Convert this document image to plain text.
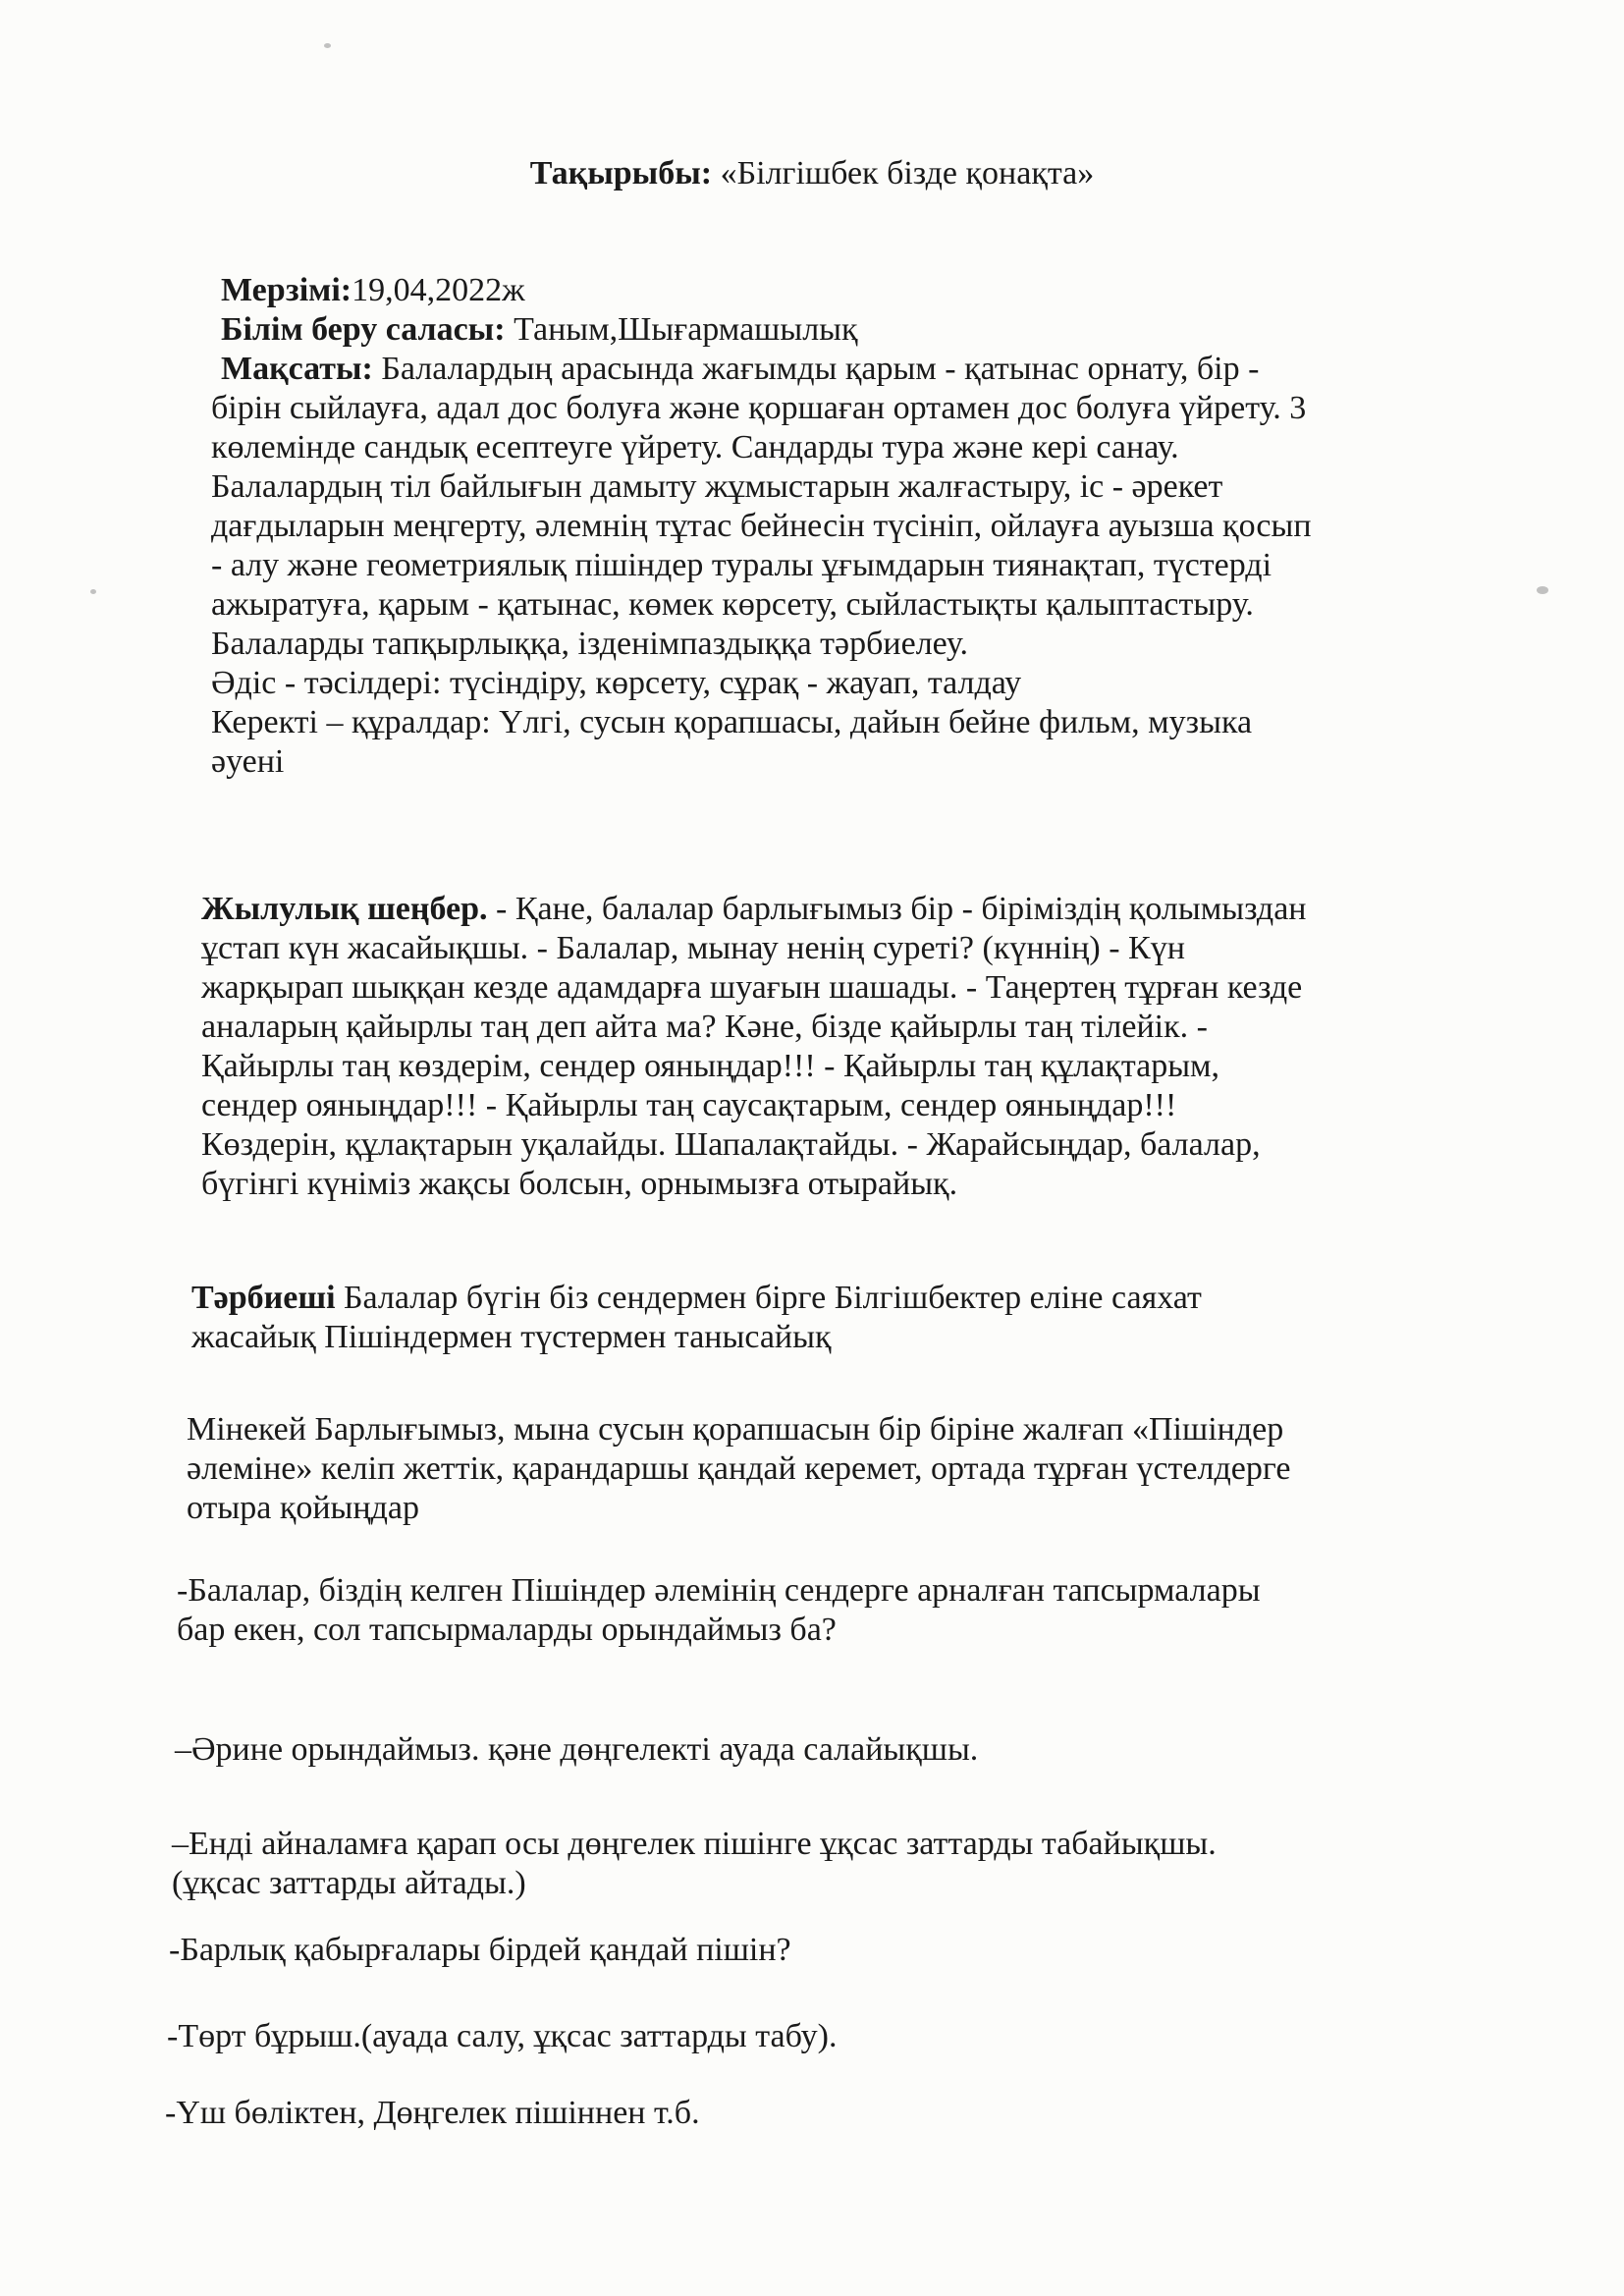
Тақырыбы: «Білгішбек бізде қонақта»
Мерзімі:19,04,2022ж
Білім беру саласы: Таным,Шығармашылық
Мақсаты: Балалардың арасында жағымды қарым - қатынас орнату, бір -
бірін сыйлауға, адал дос болуға және қоршаған ортамен дос болуға үйрету. 3
көлемінде сандық есептеуге үйрету. Сандарды тура және кері санау.
Балалардың тіл байлығын дамыту жұмыстарын жалғастыру, іс - әрекет
дағдыларын меңгерту, әлемнің тұтас бейнесін түсініп, ойлауға ауызша қосып
- алу және геометриялық пішіндер туралы ұғымдарын тиянақтап, түстерді
ажыратуға, қарым - қатынас, көмек көрсету, сыйластықты қалыптастыру.
Балаларды тапқырлыққа, ізденімпаздыққа тәрбиелеу.
Әдіс - тәсілдері: түсіндіру, көрсету, сұрақ - жауап, талдау
Керекті – құралдар: Үлгі, сусын қорапшасы, дайын бейне фильм, музыка
әуені
Жылулық шеңбер. - Қане, балалар барлығымыз бір - біріміздің қолымыздан
ұстап күн жасайықшы. - Балалар, мынау ненің суреті? (күннің) - Күн
жарқырап шыққан кезде адамдарға шуағын шашады. - Таңертең тұрған кезде
аналарың қайырлы таң деп айта ма? Кәне, бізде қайырлы таң тілейік. -
Қайырлы таң көздерім, сендер ояныңдар!!! - Қайырлы таң құлақтарым,
сендер ояныңдар!!! - Қайырлы таң саусақтарым, сендер ояныңдар!!!
Көздерін, құлақтарын уқалайды. Шапалақтайды. - Жарайсыңдар, балалар,
бүгінгі күніміз жақсы болсын, орнымызға отырайық.
Тәрбиеші Балалар бүгін біз сендермен бірге Білгішбектер еліне саяхат
жасайық Пішіндермен түстермен танысайық
Мінекей Барлығымыз, мына сусын қорапшасын бір біріне жалғап «Пішіндер
әлеміне» келіп жеттік, қарандаршы қандай керемет, ортада тұрған үстелдерге
отыра қойыңдар
-Балалар, біздің келген Пішіндер әлемінің сендерге арналған тапсырмалары
бар екен, сол тапсырмаларды орындаймыз ба?
–Әрине орындаймыз. қәне дөңгелекті ауада салайықшы.
–Енді айналамға қарап осы дөңгелек пішінге ұқсас заттарды табайықшы.
(ұқсас заттарды айтады.)
-Барлық қабырғалары бірдей қандай пішін?
-Төрт бұрыш.(ауада салу, ұқсас заттарды табу).
-Үш бөліктен, Дөңгелек пішіннен т.б.
